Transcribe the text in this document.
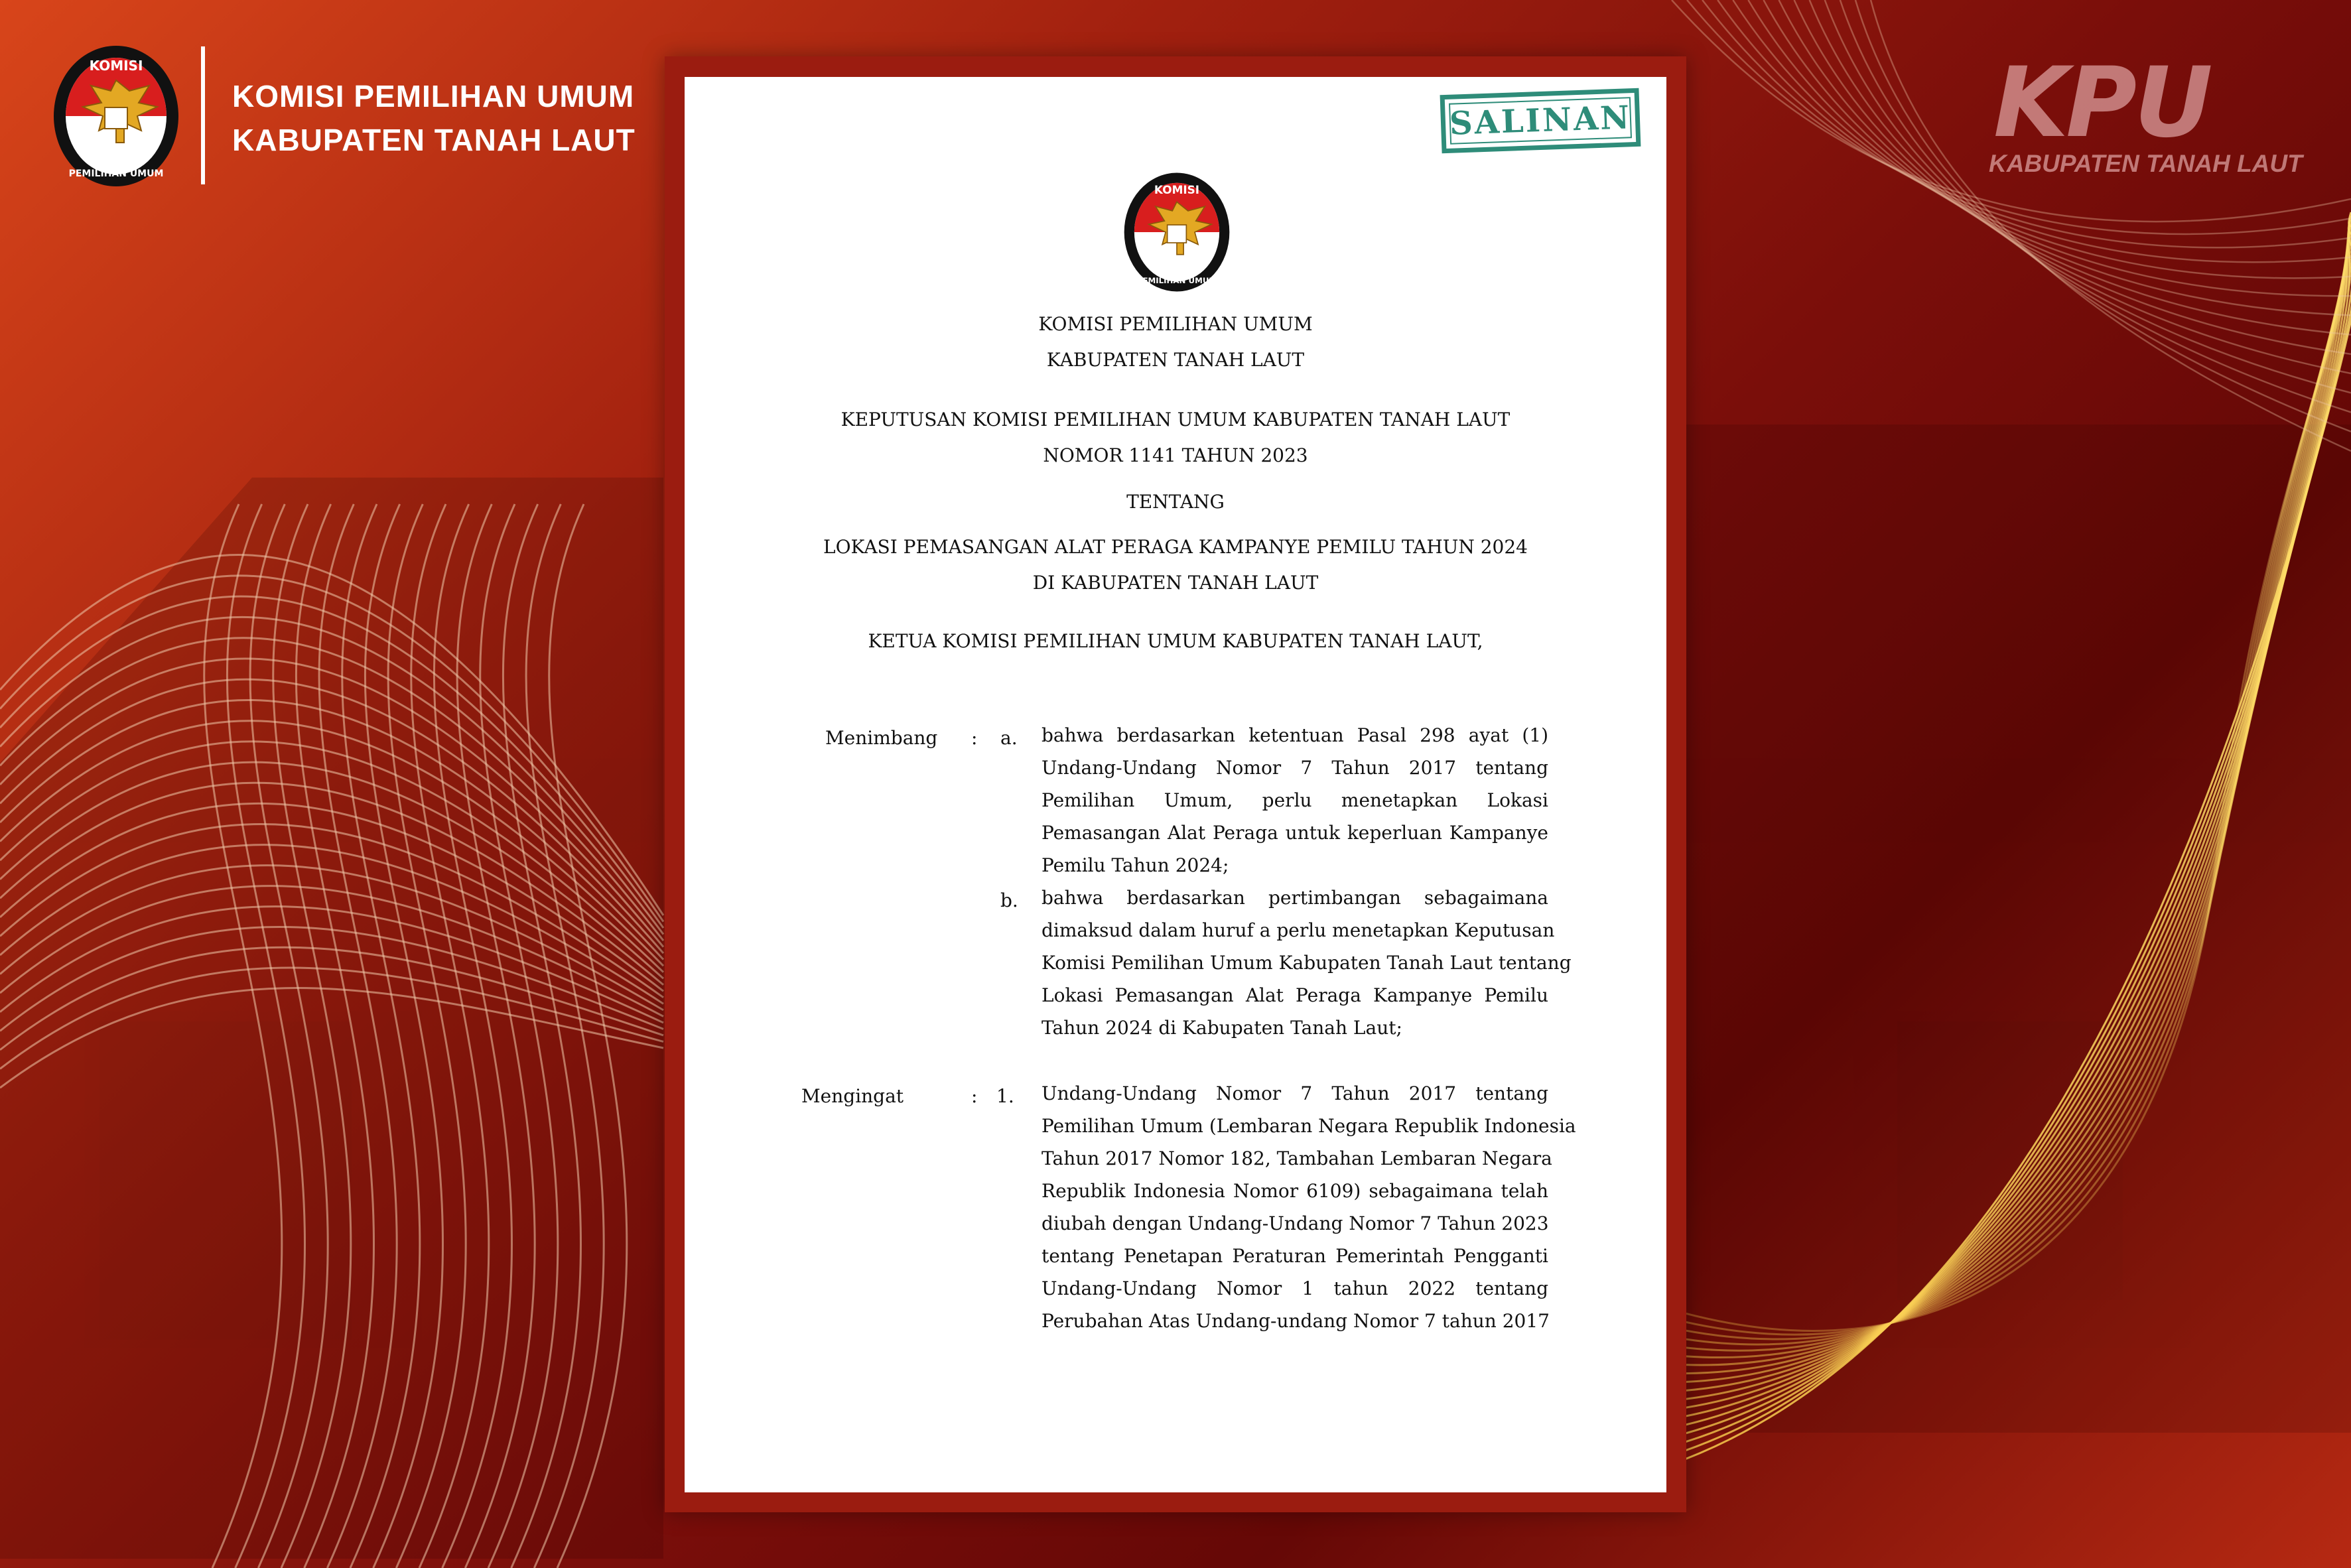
KOMISI
PEMILIHAN UMUM
KOMISI PEMILIHAN UMUM
KABUPATEN TANAH LAUT	KPU
KABUPATEN TANAH LAUT
SALINAN
KOMISI
PEMILIHAN UMUM
KOMISI PEMILIHAN UMUM
KABUPATEN TANAH LAUT
KEPUTUSAN KOMISI PEMILIHAN UMUM KABUPATEN TANAH LAUT
NOMOR 1141 TAHUN 2023
TENTANG
LOKASI PEMASANGAN ALAT PERAGA KAMPANYE PEMILU TAHUN 2024
DI KABUPATEN TANAH LAUT
KETUA KOMISI PEMILIHAN UMUM KABUPATEN TANAH LAUT,
Menimbang : a. bahwa berdasarkan ketentuan Pasal 298 ayat (1)
Undang-Undang Nomor 7 Tahun 2017 tentang
Pemilihan Umum, perlu menetapkan Lokasi
Pemasangan Alat Peraga untuk keperluan Kampanye
Pemilu Tahun 2024;
b. bahwa berdasarkan pertimbangan sebagaimana
dimaksud dalam huruf a perlu menetapkan Keputusan
Komisi Pemilihan Umum Kabupaten Tanah Laut tentang
Lokasi Pemasangan Alat Peraga Kampanye Pemilu
Tahun 2024 di Kabupaten Tanah Laut;
Mengingat	: 1. Undang-Undang Nomor 7 Tahun 2017 tentang
Pemilihan Umum (Lembaran Negara Republik Indonesia
Tahun 2017 Nomor 182, Tambahan Lembaran Negara
Republik Indonesia Nomor 6109) sebagaimana telah
diubah dengan Undang-Undang Nomor 7 Tahun 2023
tentang Penetapan Peraturan Pemerintah Pengganti
Undang-Undang Nomor 1 tahun 2022 tentang
Perubahan Atas Undang-undang Nomor 7 tahun 2017
